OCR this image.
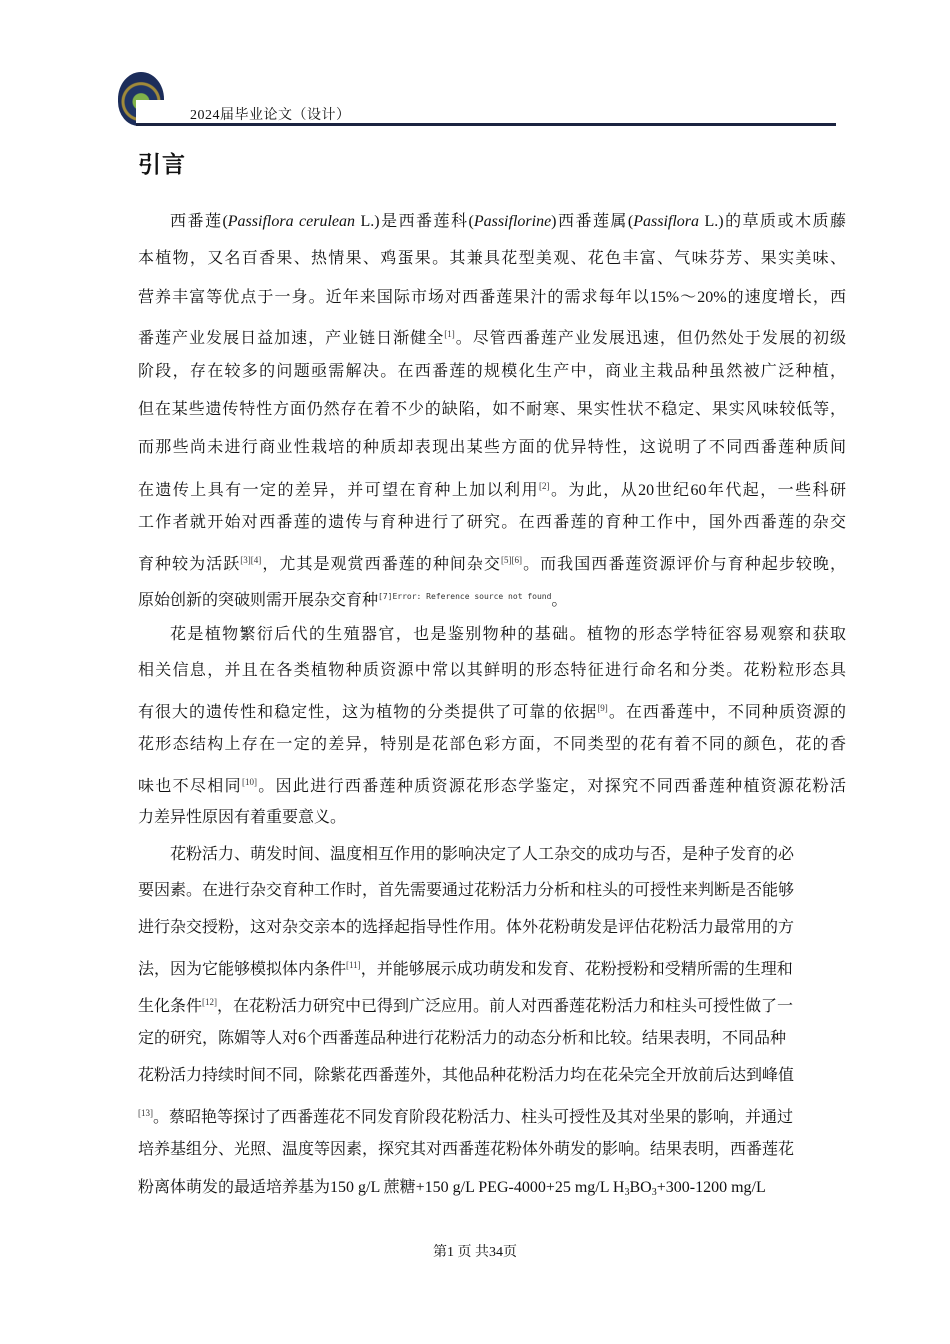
2024届毕业论文（设计）
引言
西番莲(Passiflora cerulean L.)是西番莲科(Passiflorine)西番莲属(Passiflora L.)的草质或木质藤
本植物，又名百香果、热情果、鸡蛋果。其兼具花型美观、花色丰富、气味芬芳、果实美味、
营养丰富等优点于一身。近年来国际市场对西番莲果汁的需求每年以15%～20%的速度增长，西
番莲产业发展日益加速，产业链日渐健全[1]。尽管西番莲产业发展迅速，但仍然处于发展的初级
阶段，存在较多的问题亟需解决。在西番莲的规模化生产中，商业主栽品种虽然被广泛种植，
但在某些遗传特性方面仍然存在着不少的缺陷，如不耐寒、果实性状不稳定、果实风味较低等，
而那些尚未进行商业性栽培的种质却表现出某些方面的优异特性，这说明了不同西番莲种质间
在遗传上具有一定的差异，并可望在育种上加以利用[2]。为此，从20世纪60年代起，一些科研
工作者就开始对西番莲的遗传与育种进行了研究。在西番莲的育种工作中，国外西番莲的杂交
育种较为活跃[3][4]，尤其是观赏西番莲的种间杂交[5][6]。而我国西番莲资源评价与育种起步较晚，
原始创新的突破则需开展杂交育种$^{[7]Error: Reference source not found}$。
花是植物繁衍后代的生殖器官，也是鉴别物种的基础。植物的形态学特征容易观察和获取
相关信息，并且在各类植物种质资源中常以其鲜明的形态特征进行命名和分类。花粉粒形态具
有很大的遗传性和稳定性，这为植物的分类提供了可靠的依据[9]。在西番莲中，不同种质资源的
花形态结构上存在一定的差异，特别是花部色彩方面，不同类型的花有着不同的颜色，花的香
味也不尽相同[10]。因此进行西番莲种质资源花形态学鉴定，对探究不同西番莲种植资源花粉活
力差异性原因有着重要意义。
花粉活力、萌发时间、温度相互作用的影响决定了人工杂交的成功与否，是种子发育的必
要因素。在进行杂交育种工作时，首先需要通过花粉活力分析和柱头的可授性来判断是否能够
进行杂交授粉，这对杂交亲本的选择起指导性作用。体外花粉萌发是评估花粉活力最常用的方
法，因为它能够模拟体内条件[11]，并能够展示成功萌发和发育、花粉授粉和受精所需的生理和
生化条件[12]，在花粉活力研究中已得到广泛应用。前人对西番莲花粉活力和柱头可授性做了一
定的研究，陈媚等人对6个西番莲品种进行花粉活力的动态分析和比较。结果表明，不同品种
花粉活力持续时间不同，除紫花西番莲外，其他品种花粉活力均在花朵完全开放前后达到峰值
[13]。蔡昭艳等探讨了西番莲花不同发育阶段花粉活力、柱头可授性及其对坐果的影响，并通过
培养基组分、光照、温度等因素，探究其对西番莲花粉体外萌发的影响。结果表明，西番莲花
粉离体萌发的最适培养基为150 g/L 蔗糖+150 g/L PEG-4000+25 mg/L $H_3BO_3+300-1200$ mg/L
第1 页 共34页
